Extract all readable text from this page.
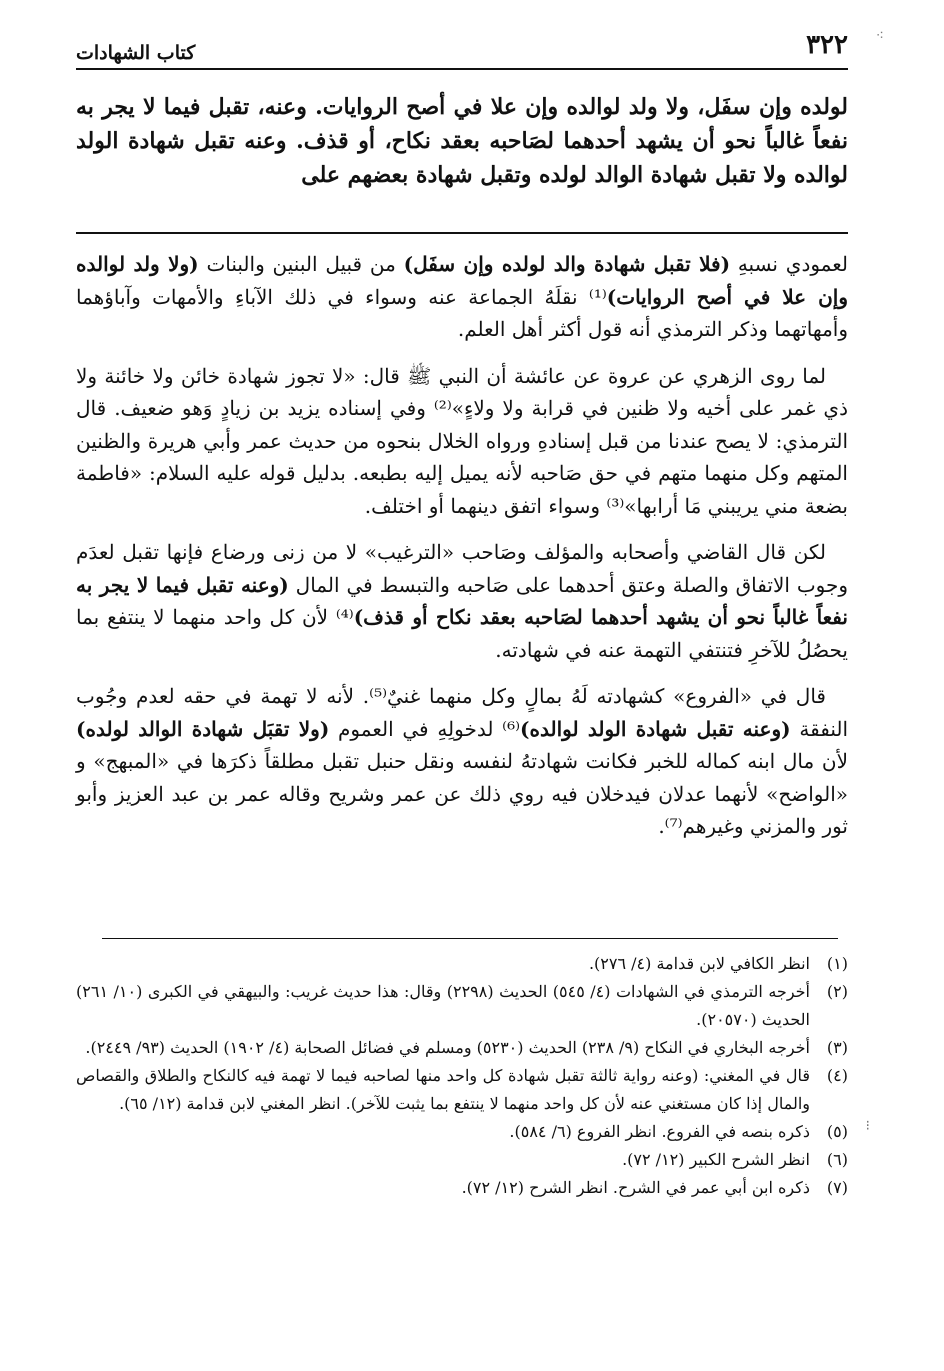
٣٢٢
كتاب الشهادات
لولده وإن سفَل، ولا ولد لوالده وإن علا في أصح الروايات. وعنه، تقبل فيما لا يجر به نفعاً غالباً نحو أن يشهد أحدهما لصَاحبه بعقد نكاح، أو قذف. وعنه تقبل شهادة الولد لوالده ولا تقبل شهادة الوالد لولده وتقبل شهادة بعضهم على

لعمودي نسبهِ (فلا تقبل شهادة والد لولده وإن سفَل) من قبيل البنين والبنات (ولا ولد لوالده وإن علا في أصح الروايات)⁽¹⁾ نقلَهُ الجماعة عنه وسواء في ذلك الآباءِ والأمهات وآباؤهما وأمهاتهما وذكر الترمذي أنه قول أكثر أهل العلم.

لما روى الزهري عن عروة عن عائشة أن النبي ﷺ قال: «لا تجوز شهادة خائن ولا خائنة ولا ذي غمر على أخيه ولا ظنين في قرابة ولا ولاءٍ»⁽²⁾ وفي إسناده يزيد بن زيادٍ وَهو ضعيف. قال الترمذي: لا يصح عندنا من قبل إسنادهِ ورواه الخلال بنحوه من حديث عمر وأبي هريرة والظنين المتهم وكل منهما متهم في حق صَاحبه لأنه يميل إليه بطبعه. بدليل قوله عليه السلام: «فاطمة بضعة مني يريبني مَا أرابها»⁽³⁾ وسواء اتفق دينهما أو اختلف.

لكن قال القاضي وأصحابه والمؤلف وصَاحب «الترغيب» لا من زنى ورضاع فإنها تقبل لعدَم وجوب الاتفاق والصلة وعتق أحدهما على صَاحبه والتبسط في المال (وعنه تقبل فيما لا يجر به نفعاً غالباً نحو أن يشهد أحدهما لصَاحبه بعقد نكاح أو قذف)⁽⁴⁾ لأن كل واحد منهما لا ينتفع بما يحصُلُ للآخرِ فتنتفي التهمة عنه في شهادته.

قال في «الفروع» كشهادته لَهُ بمالٍ وكل منهما غنيٌ⁽⁵⁾. لأنه لا تهمة في حقه لعدم وجُوب النفقة (وعنه تقبل شهادة الولد لوالده)⁽⁶⁾ لدخولِهِ في العموم (ولا تقبَل شهادة الوالد لولده) لأن مال ابنه كماله للخبر فكانت شهادتهُ لنفسه ونقل حنبل تقبل مطلقاً ذكرَها في «المبهج» و «الواضح» لأنهما عدلان فيدخلان فيه روي ذلك عن عمر وشريح وقاله عمر بن عبد العزيز وأبو ثور والمزني وغيرهم⁽⁷⁾.

(١)
انظر الكافي لابن قدامة (٤/ ٢٧٦).

(٢)
أخرجه الترمذي في الشهادات (٤/ ٥٤٥) الحديث (٢٢٩٨) وقال: هذا حديث غريب: والبيهقي في الكبرى (١٠/ ٢٦١) الحديث (٢٠٥٧٠).

(٣)
أخرجه البخاري في النكاح (٩/ ٢٣٨) الحديث (٥٢٣٠) ومسلم في فضائل الصحابة (٤/ ١٩٠٢) الحديث (٩٣/ ٢٤٤٩).

(٤)
قال في المغني: (وعنه رواية ثالثة تقبل شهادة كل واحد منها لصاحبه فيما لا تهمة فيه كالنكاح والطلاق والقصاص والمال إذا كان مستغني عنه لأن كل واحد منهما لا ينتفع بما يثبت للآخر). انظر المغني لابن قدامة (١٢/ ٦٥).

(٥)
ذكره بنصه في الفروع. انظر الفروع (٦/ ٥٨٤).

(٦)
انظر الشرح الكبير (١٢/ ٧٢).

(٧)
ذكره ابن أبي عمر في الشرح. انظر الشرح (١٢/ ٧٢).

⁖
⁝
